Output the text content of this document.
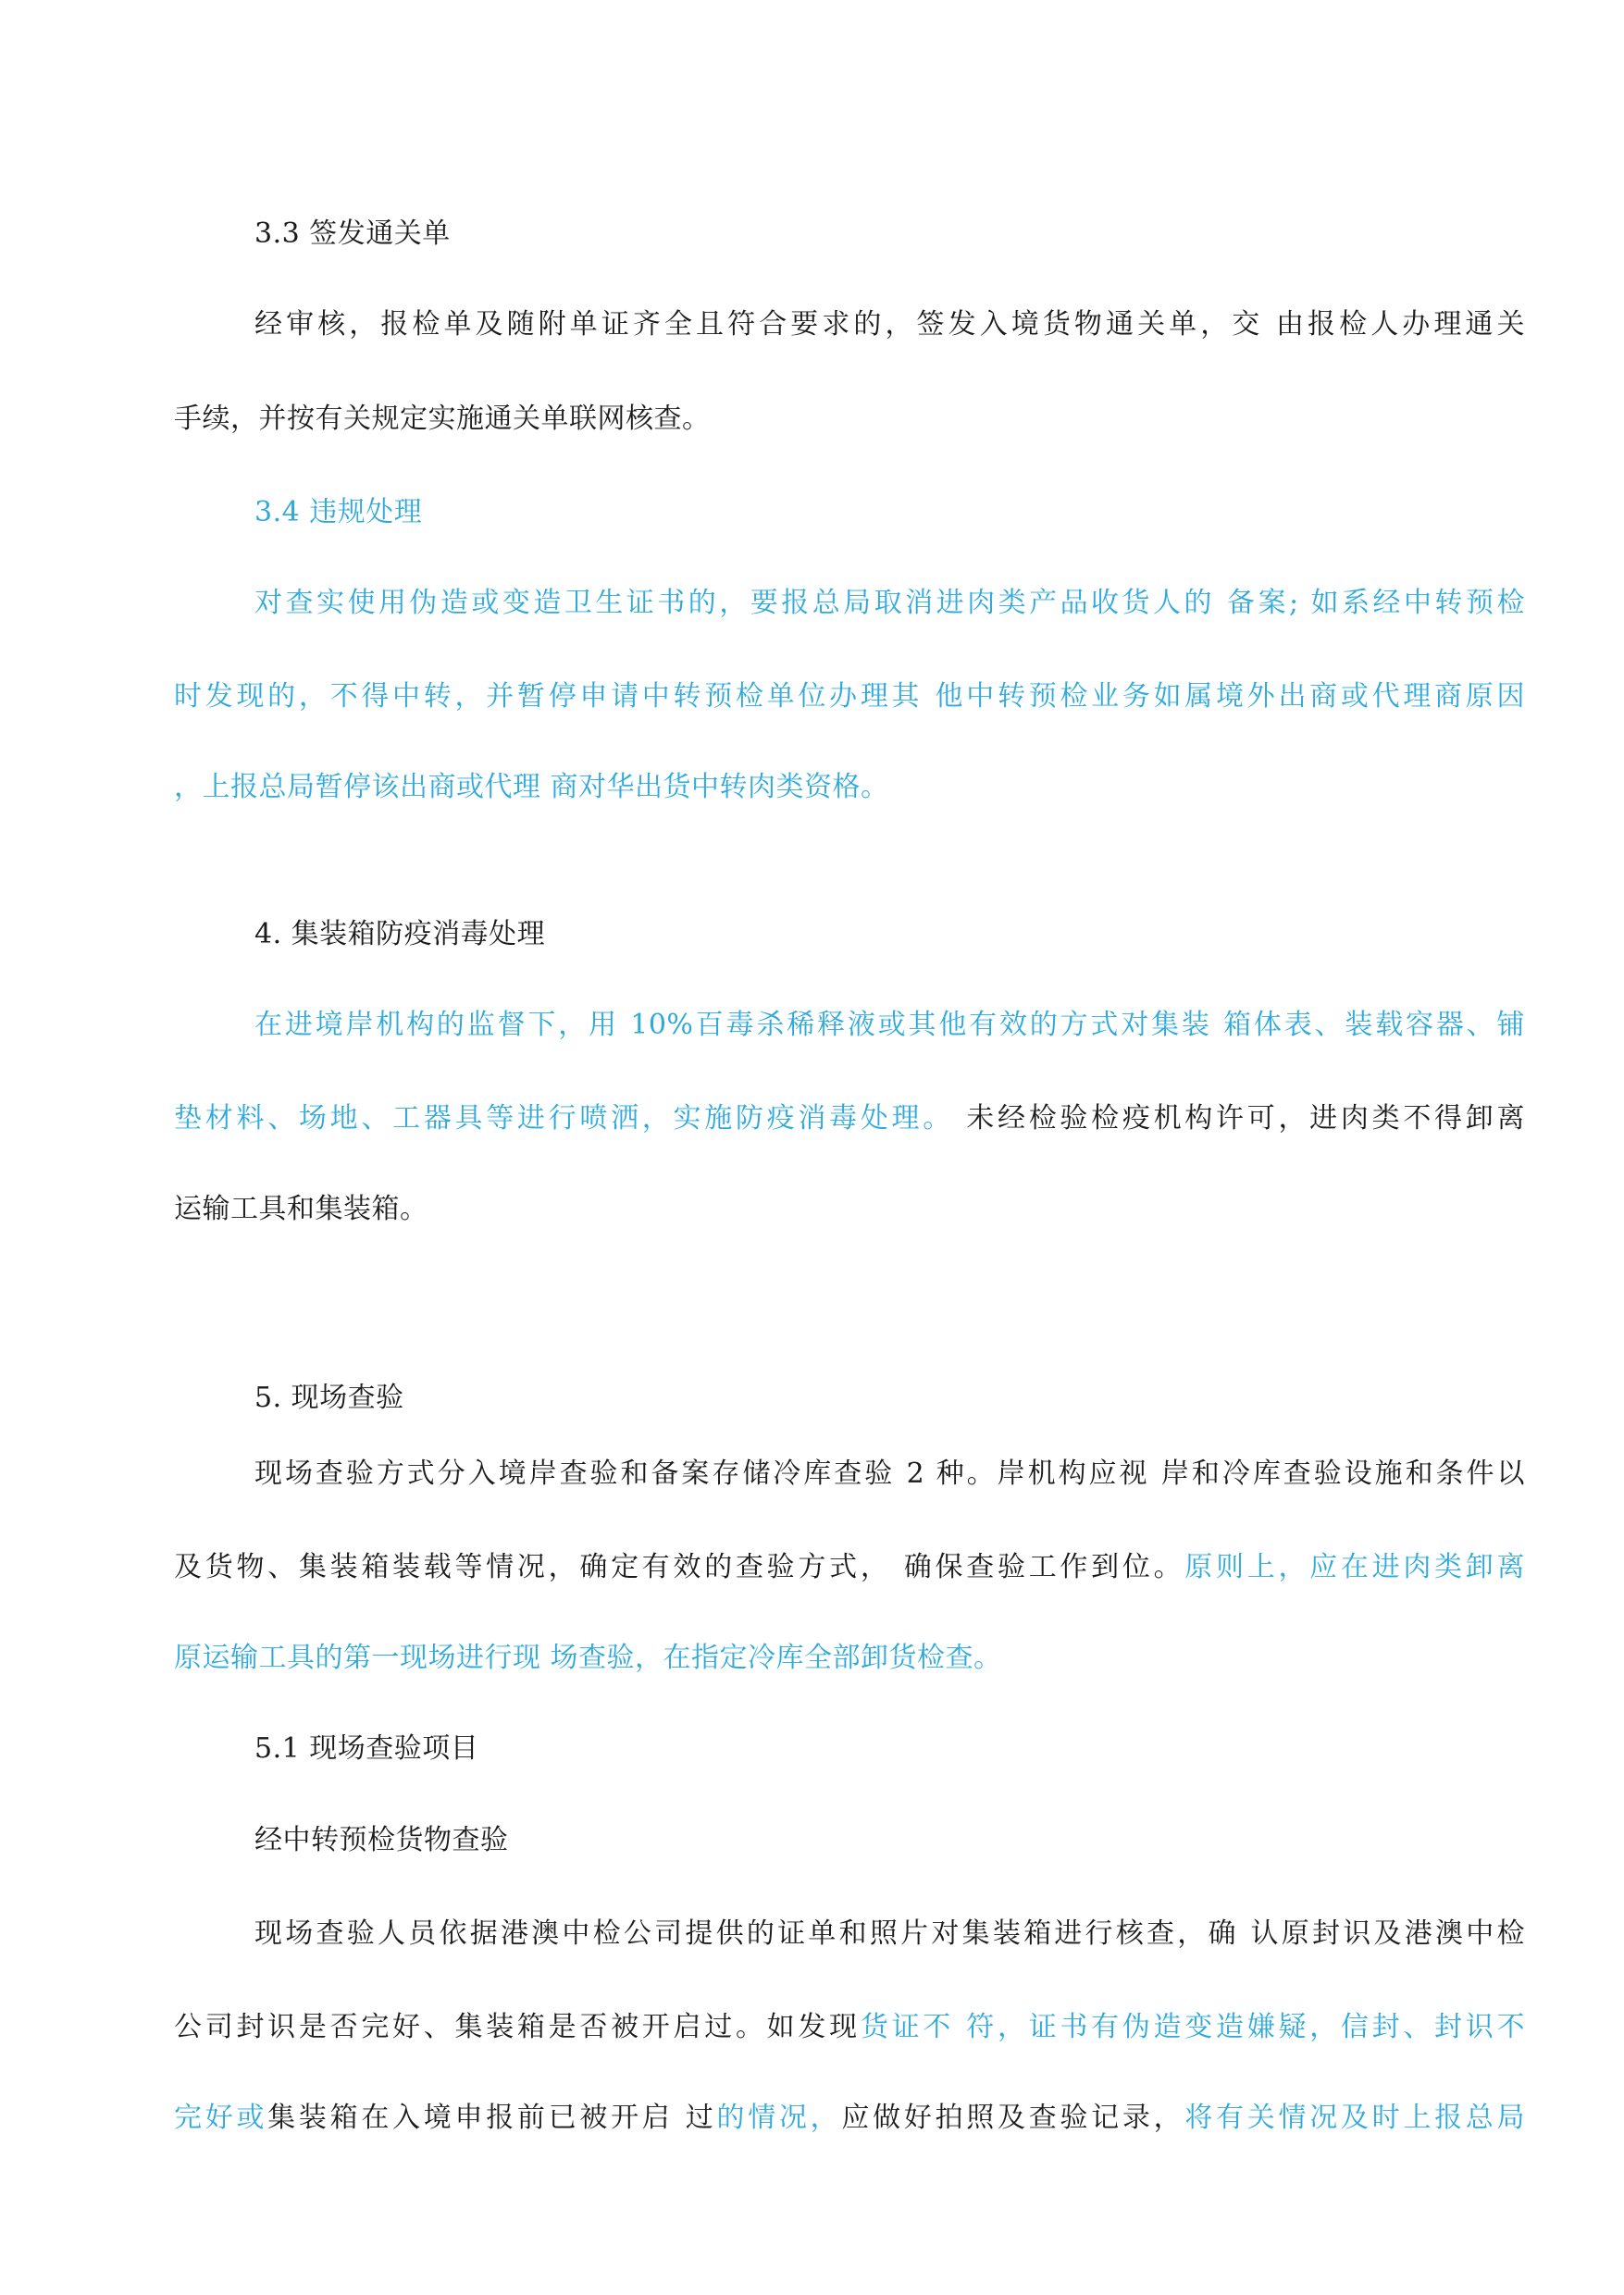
3.3 签发通关单
经审核，报检单及随附单证齐全且符合要求的，签发入境货物通关单，交 由报检人办理通关
手续，并按有关规定实施通关单联网核查。
3.4 违规处理
对查实使用伪造或变造卫生证书的，要报总局取消进肉类产品收货人的 备案; 如系经中转预检
时发现的，不得中转，并暂停申请中转预检单位办理其 他中转预检业务如属境外出商或代理商原因
，上报总局暂停该出商或代理 商对华出货中转肉类资格。
4. 集装箱防疫消毒处理
在进境岸机构的监督下，用 10%百毒杀稀释液或其他有效的方式对集装 箱体表、装载容器、铺
垫材料、场地、工器具等进行喷洒，实施防疫消毒处理。 未经检验检疫机构许可，进肉类不得卸离
运输工具和集装箱。
5. 现场查验
现场查验方式分入境岸查验和备案存储冷库查验 2 种。岸机构应视 岸和冷库查验设施和条件以
及货物、集装箱装载等情况，确定有效的查验方式， 确保查验工作到位。原则上，应在进肉类卸离
原运输工具的第一现场进行现 场查验，在指定冷库全部卸货检查。
5.1 现场查验项目
经中转预检货物查验
现场查验人员依据港澳中检公司提供的证单和照片对集装箱进行核查，确 认原封识及港澳中检
公司封识是否完好、集装箱是否被开启过。如发现货证不 符，证书有伪造变造嫌疑，信封、封识不
完好或集装箱在入境申报前已被开启 过的情况，应做好拍照及查验记录，将有关情况及时上报总局
